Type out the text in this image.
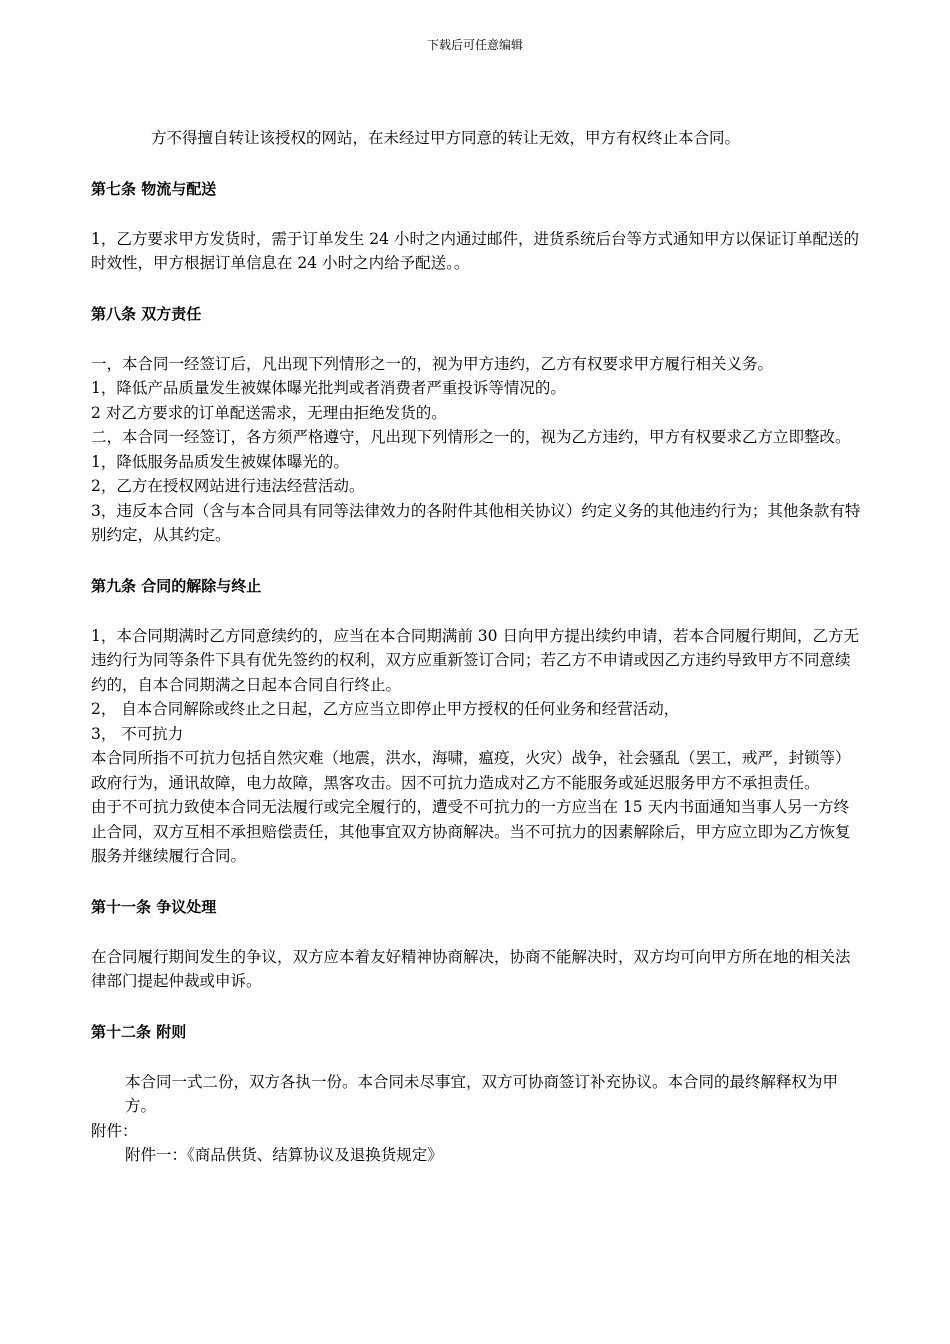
下载后可任意编辑

方不得擅自转让该授权的网站，在未经过甲方同意的转让无效，甲方有权终止本合同。

第七条 物流与配送

1，乙方要求甲方发货时，需于订单发生 24 小时之内通过邮件，进货系统后台等方式通知甲方以保证订单配送的时效性，甲方根据订单信息在 24 小时之内给予配送。。

第八条 双方责任

一，本合同一经签订后，凡出现下列情形之一的，视为甲方违约，乙方有权要求甲方履行相关义务。

1，降低产品质量发生被媒体曝光批判或者消费者严重投诉等情况的。

2 对乙方要求的订单配送需求，无理由拒绝发货的。

二，本合同一经签订，各方须严格遵守，凡出现下列情形之一的，视为乙方违约，甲方有权要求乙方立即整改。

1，降低服务品质发生被媒体曝光的。

2，乙方在授权网站进行违法经营活动。

3，违反本合同（含与本合同具有同等法律效力的各附件其他相关协议）约定义务的其他违约行为；其他条款有特别约定，从其约定。

第九条 合同的解除与终止

1，本合同期满时乙方同意续约的，应当在本合同期满前 30 日向甲方提出续约申请，若本合同履行期间，乙方无违约行为同等条件下具有优先签约的权利，双方应重新签订合同；若乙方不申请或因乙方违约导致甲方不同意续约的，自本合同期满之日起本合同自行终止。

2， 自本合同解除或终止之日起，乙方应当立即停止甲方授权的任何业务和经营活动，

3， 不可抗力

本合同所指不可抗力包括自然灾难（地震，洪水，海啸，瘟疫，火灾）战争，社会骚乱（罢工，戒严，封锁等）政府行为，通讯故障，电力故障，黑客攻击。因不可抗力造成对乙方不能服务或延迟服务甲方不承担责任。

由于不可抗力致使本合同无法履行或完全履行的，遭受不可抗力的一方应当在 15 天内书面通知当事人另一方终止合同，双方互相不承担赔偿责任，其他事宜双方协商解决。当不可抗力的因素解除后，甲方应立即为乙方恢复服务并继续履行合同。

第十一条 争议处理

在合同履行期间发生的争议，双方应本着友好精神协商解决，协商不能解决时，双方均可向甲方所在地的相关法律部门提起仲裁或申诉。

第十二条 附则

本合同一式二份，双方各执一份。本合同未尽事宜，双方可协商签订补充协议。本合同的最终解释权为甲方。

附件：

附件一：《商品供货、结算协议及退换货规定》
